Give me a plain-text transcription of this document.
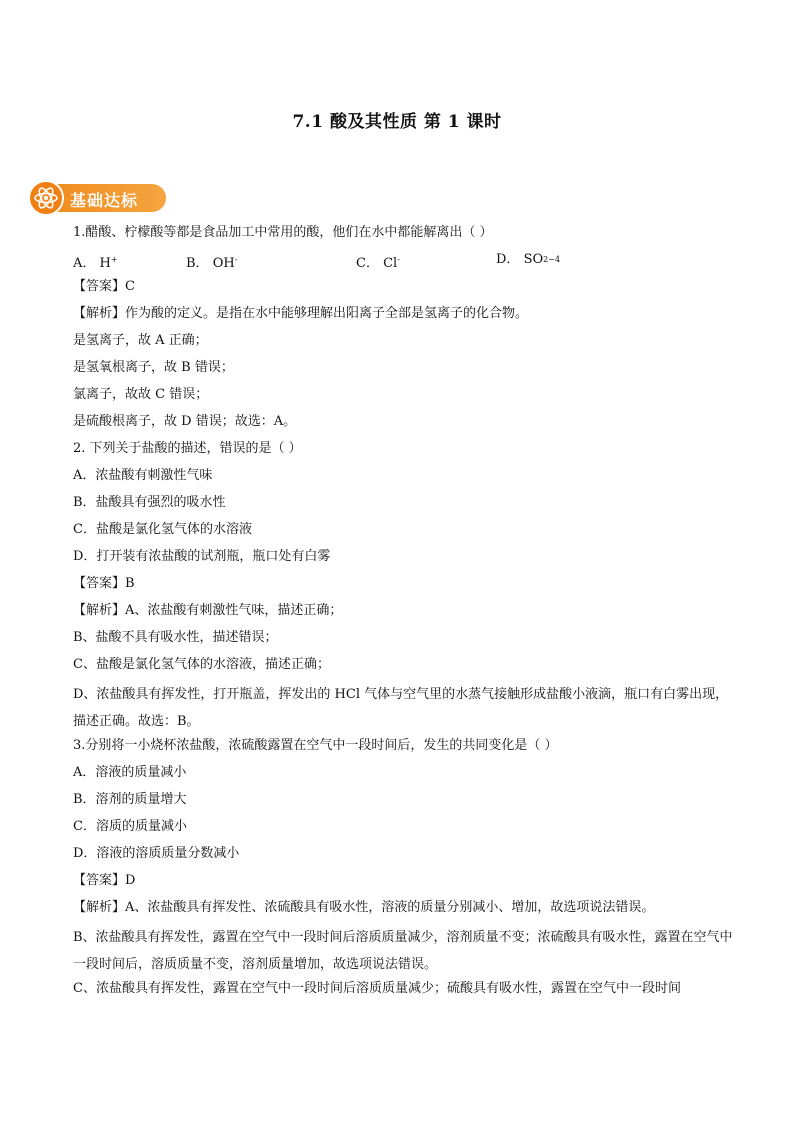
7.1 酸及其性质 第 1 课时
基础达标
1.醋酸、柠檬酸等都是食品加工中常用的酸，他们在水中都能解离出（ ）
A． H+	B． OH-	C． Cl-	D． SO2−4
【答案】C
【解析】作为酸的定义。是指在水中能够理解出阳离子全部是氢离子的化合物。
是氢离子，故 A 正确；
是氢氧根离子，故 B 错误；
氯离子，故故 C 错误；
是硫酸根离子，故 D 错误；故选：A。
2. 下列关于盐酸的描述，错误的是（ ）
A．浓盐酸有刺激性气味
B．盐酸具有强烈的吸水性
C．盐酸是氯化氢气体的水溶液
D．打开装有浓盐酸的试剂瓶，瓶口处有白雾
【答案】B
【解析】A、浓盐酸有刺激性气味，描述正确；
B、盐酸不具有吸水性，描述错误；
C、盐酸是氯化氢气体的水溶液，描述正确；
D、浓盐酸具有挥发性，打开瓶盖，挥发出的 HCl 气体与空气里的水蒸气接触形成盐酸小液滴，瓶口有白雾出现，描述正确。故选：B。
3.分别将一小烧杯浓盐酸，浓硫酸露置在空气中一段时间后，发生的共同变化是（ ）
A．溶液的质量减小
B．溶剂的质量增大
C．溶质的质量减小
D．溶液的溶质质量分数减小
【答案】D
【解析】A、浓盐酸具有挥发性、浓硫酸具有吸水性，溶液的质量分别减小、增加，故选项说法错误。
B、浓盐酸具有挥发性，露置在空气中一段时间后溶质质量减少，溶剂质量不变；浓硫酸具有吸水性，露置在空气中一段时间后，溶质质量不变，溶剂质量增加，故选项说法错误。
C、浓盐酸具有挥发性，露置在空气中一段时间后溶质质量减少；硫酸具有吸水性，露置在空气中一段时间
